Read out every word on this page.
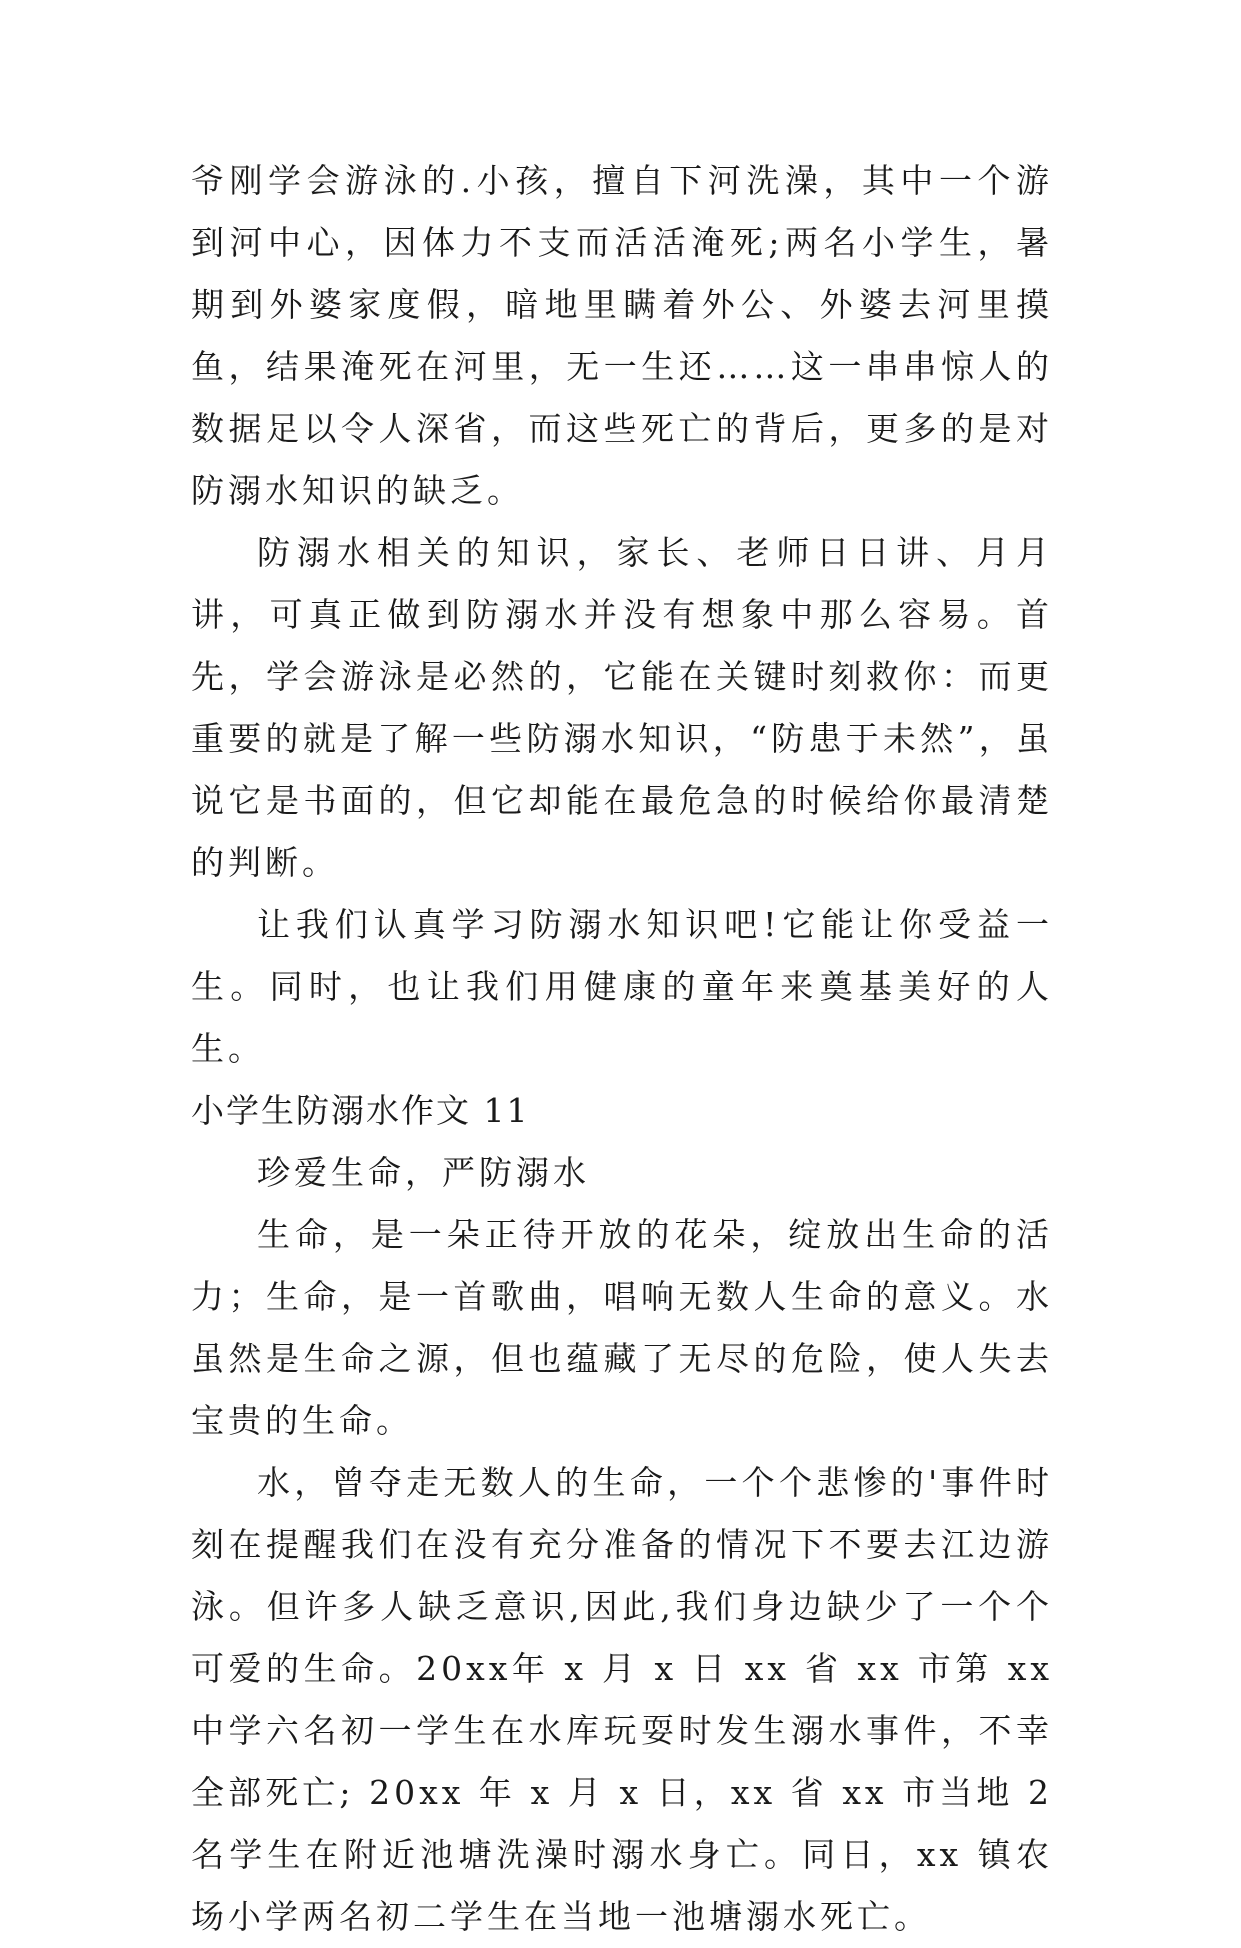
爷刚学会游泳的.小孩，擅自下河洗澡，其中一个游到河中心，因体力不支而活活淹死;两名小学生，暑期到外婆家度假，暗地里瞒着外公、外婆去河里摸鱼，结果淹死在河里，无一生还……这一串串惊人的数据足以令人深省，而这些死亡的背后，更多的是对防溺水知识的缺乏。

防溺水相关的知识，家长、老师日日讲、月月讲，可真正做到防溺水并没有想象中那么容易。首先，学会游泳是必然的，它能在关键时刻救你：而更重要的就是了解一些防溺水知识，“防患于未然”，虽说它是书面的，但它却能在最危急的时候给你最清楚的判断。

让我们认真学习防溺水知识吧!它能让你受益一生。同时，也让我们用健康的童年来奠基美好的人生。

小学生防溺水作文 11

珍爱生命，严防溺水

生命，是一朵正待开放的花朵，绽放出生命的活力；生命，是一首歌曲，唱响无数人生命的意义。水虽然是生命之源，但也蕴藏了无尽的危险，使人失去宝贵的生命。

水，曾夺走无数人的生命，一个个悲惨的'事件时刻在提醒我们在没有充分准备的情况下不要去江边游泳。但许多人缺乏意识,因此,我们身边缺少了一个个可爱的生命。20xx年 x 月 x 日 xx 省 xx 市第 xx 中学六名初一学生在水库玩耍时发生溺水事件，不幸全部死亡; 20xx 年 x 月 x 日，xx 省 xx 市当地 2 名学生在附近池塘洗澡时溺水身亡。同日，xx 镇农场小学两名初二学生在当地一池塘溺水死亡。
